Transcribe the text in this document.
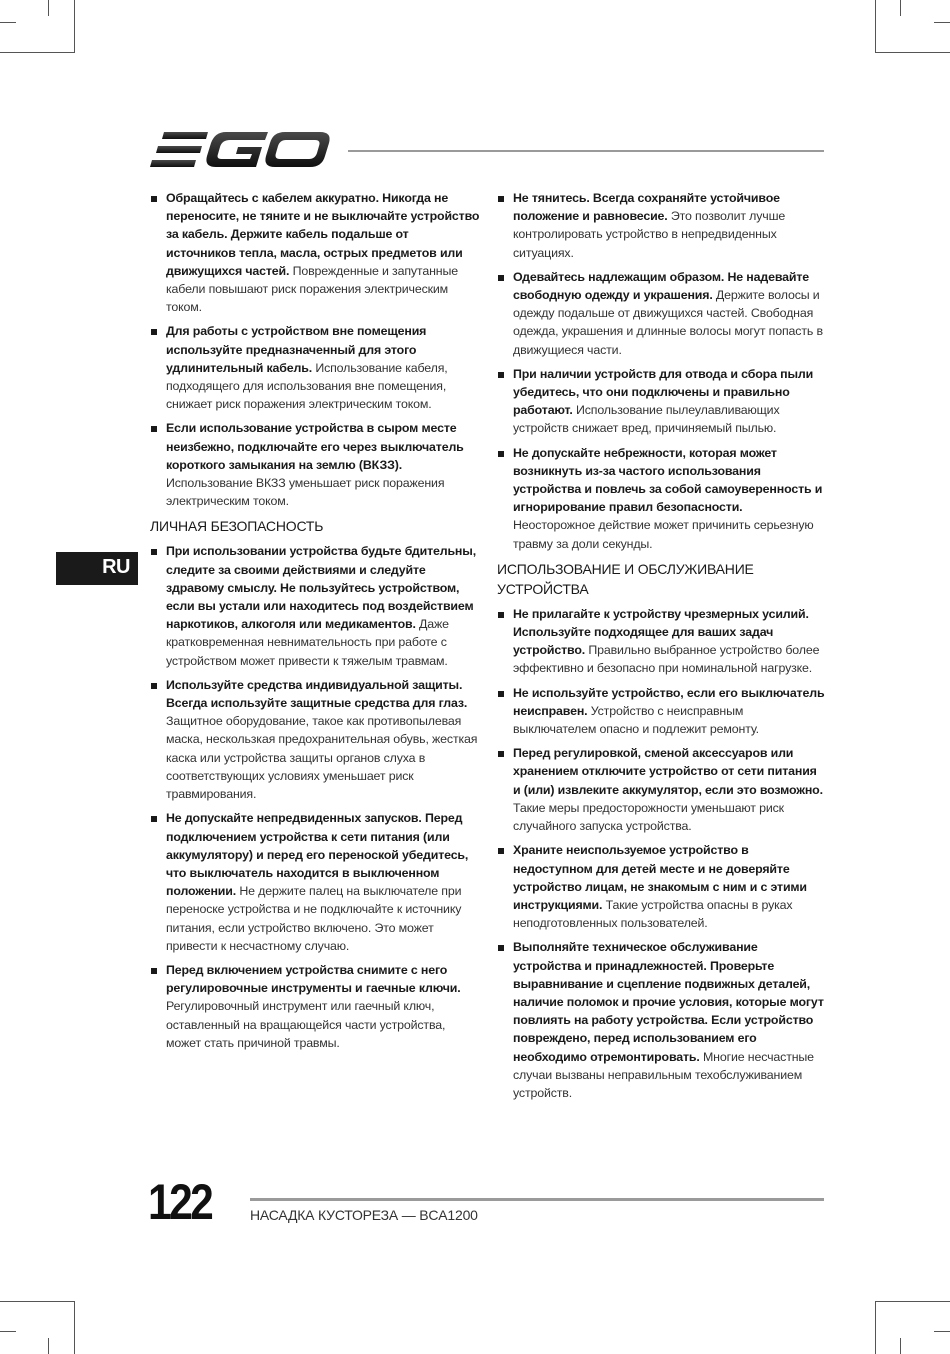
RU
Обращайтесь с кабелем аккуратно. Никогда не переносите, не тяните и не выключайте устройство за кабель. Держите кабель подальше от источников тепла, масла, острых предметов или движущихся частей. Поврежденные и запутанные кабели повышают риск поражения электрическим током.
Для работы с устройством вне помещения используйте предназначенный для этого удлинительный кабель. Использование кабеля, подходящего для использования вне помещения, снижает риск поражения электрическим током.
Если использование устройства в сыром месте неизбежно, подключайте его через выключатель короткого замыкания на землю (ВКЗЗ). Использование ВКЗЗ уменьшает риск поражения электрическим током.
ЛИЧНАЯ БЕЗОПАСНОСТЬ
При использовании устройства будьте бдительны, следите за своими действиями и следуйте здравому смыслу. Не пользуйтесь устройством, если вы устали или находитесь под воздействием наркотиков, алкоголя или медикаментов. Даже кратковременная невнимательность при работе с устройством может привести к тяжелым травмам.
Используйте средства индивидуальной защиты. Всегда используйте защитные средства для глаз. Защитное оборудование, такое как противопылевая маска, нескользкая предохранительная обувь, жесткая каска или устройства защиты органов слуха в соответствующих условиях уменьшает риск травмирования.
Не допускайте непредвиденных запусков. Перед подключением устройства к сети питания (или аккумулятору) и перед его переноской убедитесь, что выключатель находится в выключенном положении. Не держите палец на выключателе при переноске устройства и не подключайте к источнику питания, если устройство включено. Это может привести к несчастному случаю.
Перед включением устройства снимите с него регулировочные инструменты и гаечные ключи. Регулировочный инструмент или гаечный ключ, оставленный на вращающейся части устройства, может стать причиной травмы.
Не тянитесь. Всегда сохраняйте устойчивое положение и равновесие. Это позволит лучше контролировать устройство в непредвиденных ситуациях.
Одевайтесь надлежащим образом. Не надевайте свободную одежду и украшения. Держите волосы и одежду подальше от движущихся частей. Свободная одежда, украшения и длинные волосы могут попасть в движущиеся части.
При наличии устройств для отвода и сбора пыли убедитесь, что они подключены и правильно работают. Использование пылеулавливающих устройств снижает вред, причиняемый пылью.
Не допускайте небрежности, которая может возникнуть из-за частого использования устройства и повлечь за собой самоуверенность и игнорирование правил безопасности. Неосторожное действие может причинить серьезную травму за доли секунды.
ИСПОЛЬЗОВАНИЕ И ОБСЛУЖИВАНИЕ УСТРОЙСТВА
Не прилагайте к устройству чрезмерных усилий. Используйте подходящее для ваших задач устройство. Правильно выбранное устройство более эффективно и безопасно при номинальной нагрузке.
Не используйте устройство, если его выключатель неисправен. Устройство с неисправным выключателем опасно и подлежит ремонту.
Перед регулировкой, сменой аксессуаров или хранением отключите устройство от сети питания и (или) извлеките аккумулятор, если это возможно. Такие меры предосторожности уменьшают риск случайного запуска устройства.
Храните неиспользуемое устройство в недоступном для детей месте и не доверяйте устройство лицам, не знакомым с ним и с этими инструкциями. Такие устройства опасны в руках неподготовленных пользователей.
Выполняйте техническое обслуживание устройства и принадлежностей. Проверьте выравнивание и сцепление подвижных деталей, наличие поломок и прочие условия, которые могут повлиять на работу устройства. Если устройство повреждено, перед использованием его необходимо отремонтировать. Многие несчастные случаи вызваны неправильным техобслуживанием устройств.
122	НАСАДКА КУСТОРЕЗА — BCA1200
